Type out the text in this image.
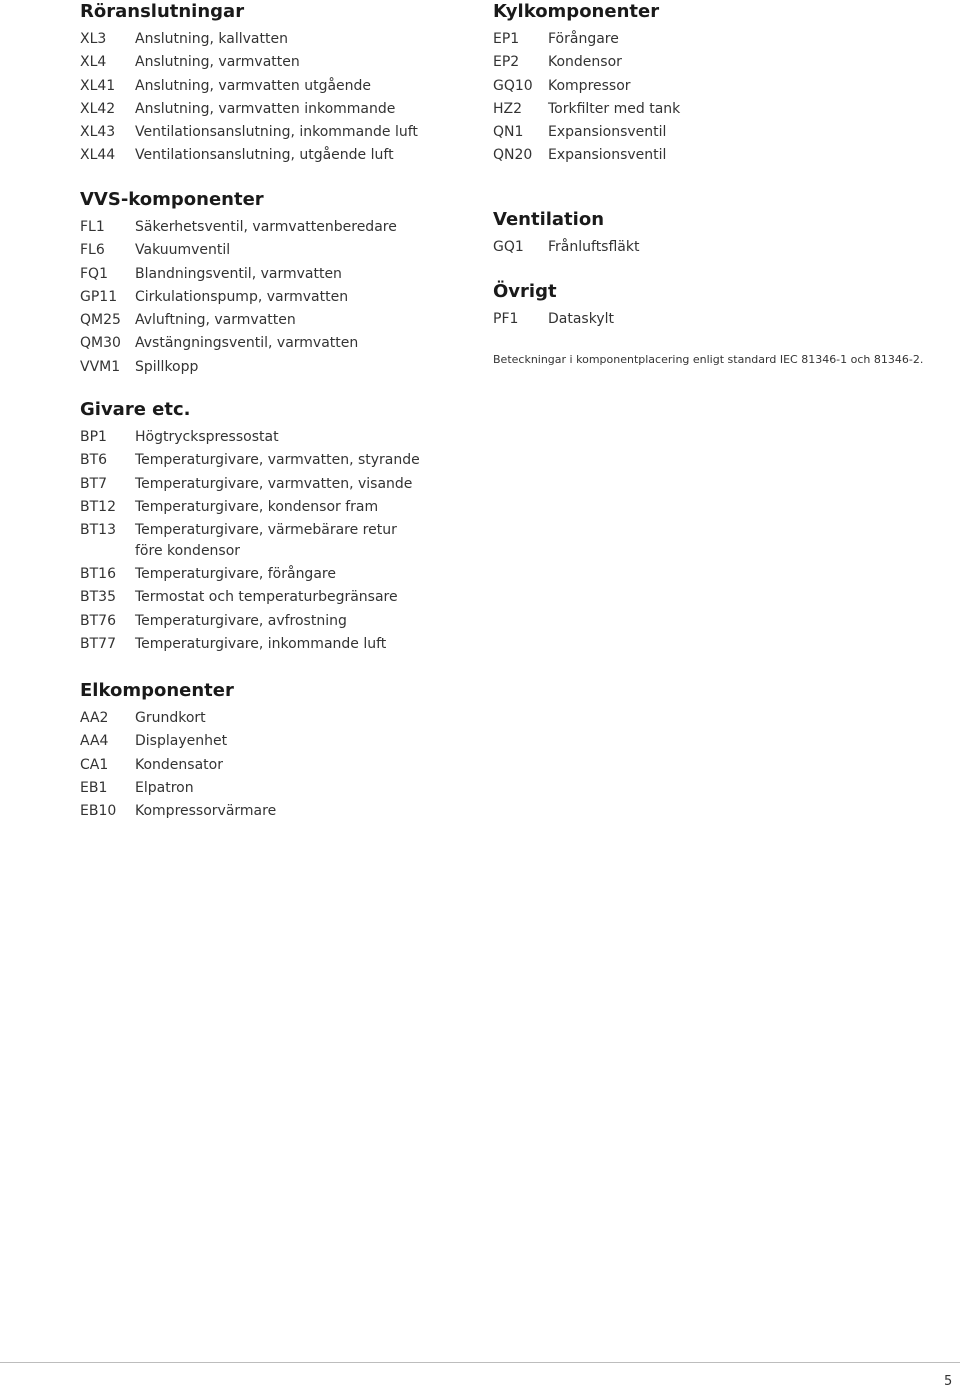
Röranslutningar
XL3	Anslutning, kallvatten
XL4	Anslutning, varmvatten
XL41	Anslutning, varmvatten utgående
XL42	Anslutning, varmvatten inkommande
XL43	Ventilationsanslutning, inkommande luft
XL44	Ventilationsanslutning, utgående luft
VVS-komponenter
FL1	Säkerhetsventil, varmvattenberedare
FL6	Vakuumventil
FQ1	Blandningsventil, varmvatten
GP11	Cirkulationspump, varmvatten
QM25	Avluftning, varmvatten
QM30	Avstängningsventil, varmvatten
VVM1	Spillkopp
Givare etc.
BP1	Högtryckspressostat
BT6	Temperaturgivare, varmvatten, styrande
BT7	Temperaturgivare, varmvatten, visande
BT12	Temperaturgivare, kondensor fram
BT13	Temperaturgivare, värmebärare retur före kondensor
BT16	Temperaturgivare, förångare
BT35	Termostat och temperaturbegränsare
BT76	Temperaturgivare, avfrostning
BT77	Temperaturgivare, inkommande luft
Elkomponenter
AA2	Grundkort
AA4	Displayenhet
CA1	Kondensator
EB1	Elpatron
EB10	Kompressorvärmare
Kylkomponenter
EP1	Förångare
EP2	Kondensor
GQ10	Kompressor
HZ2	Torkfilter med tank
QN1	Expansionsventil
QN20	Expansionsventil
Ventilation
GQ1	Frånluftsfläkt
Övrigt
PF1	Dataskylt
Beteckningar i komponentplacering enligt standard IEC 81346-1 och 81346-2.
5
